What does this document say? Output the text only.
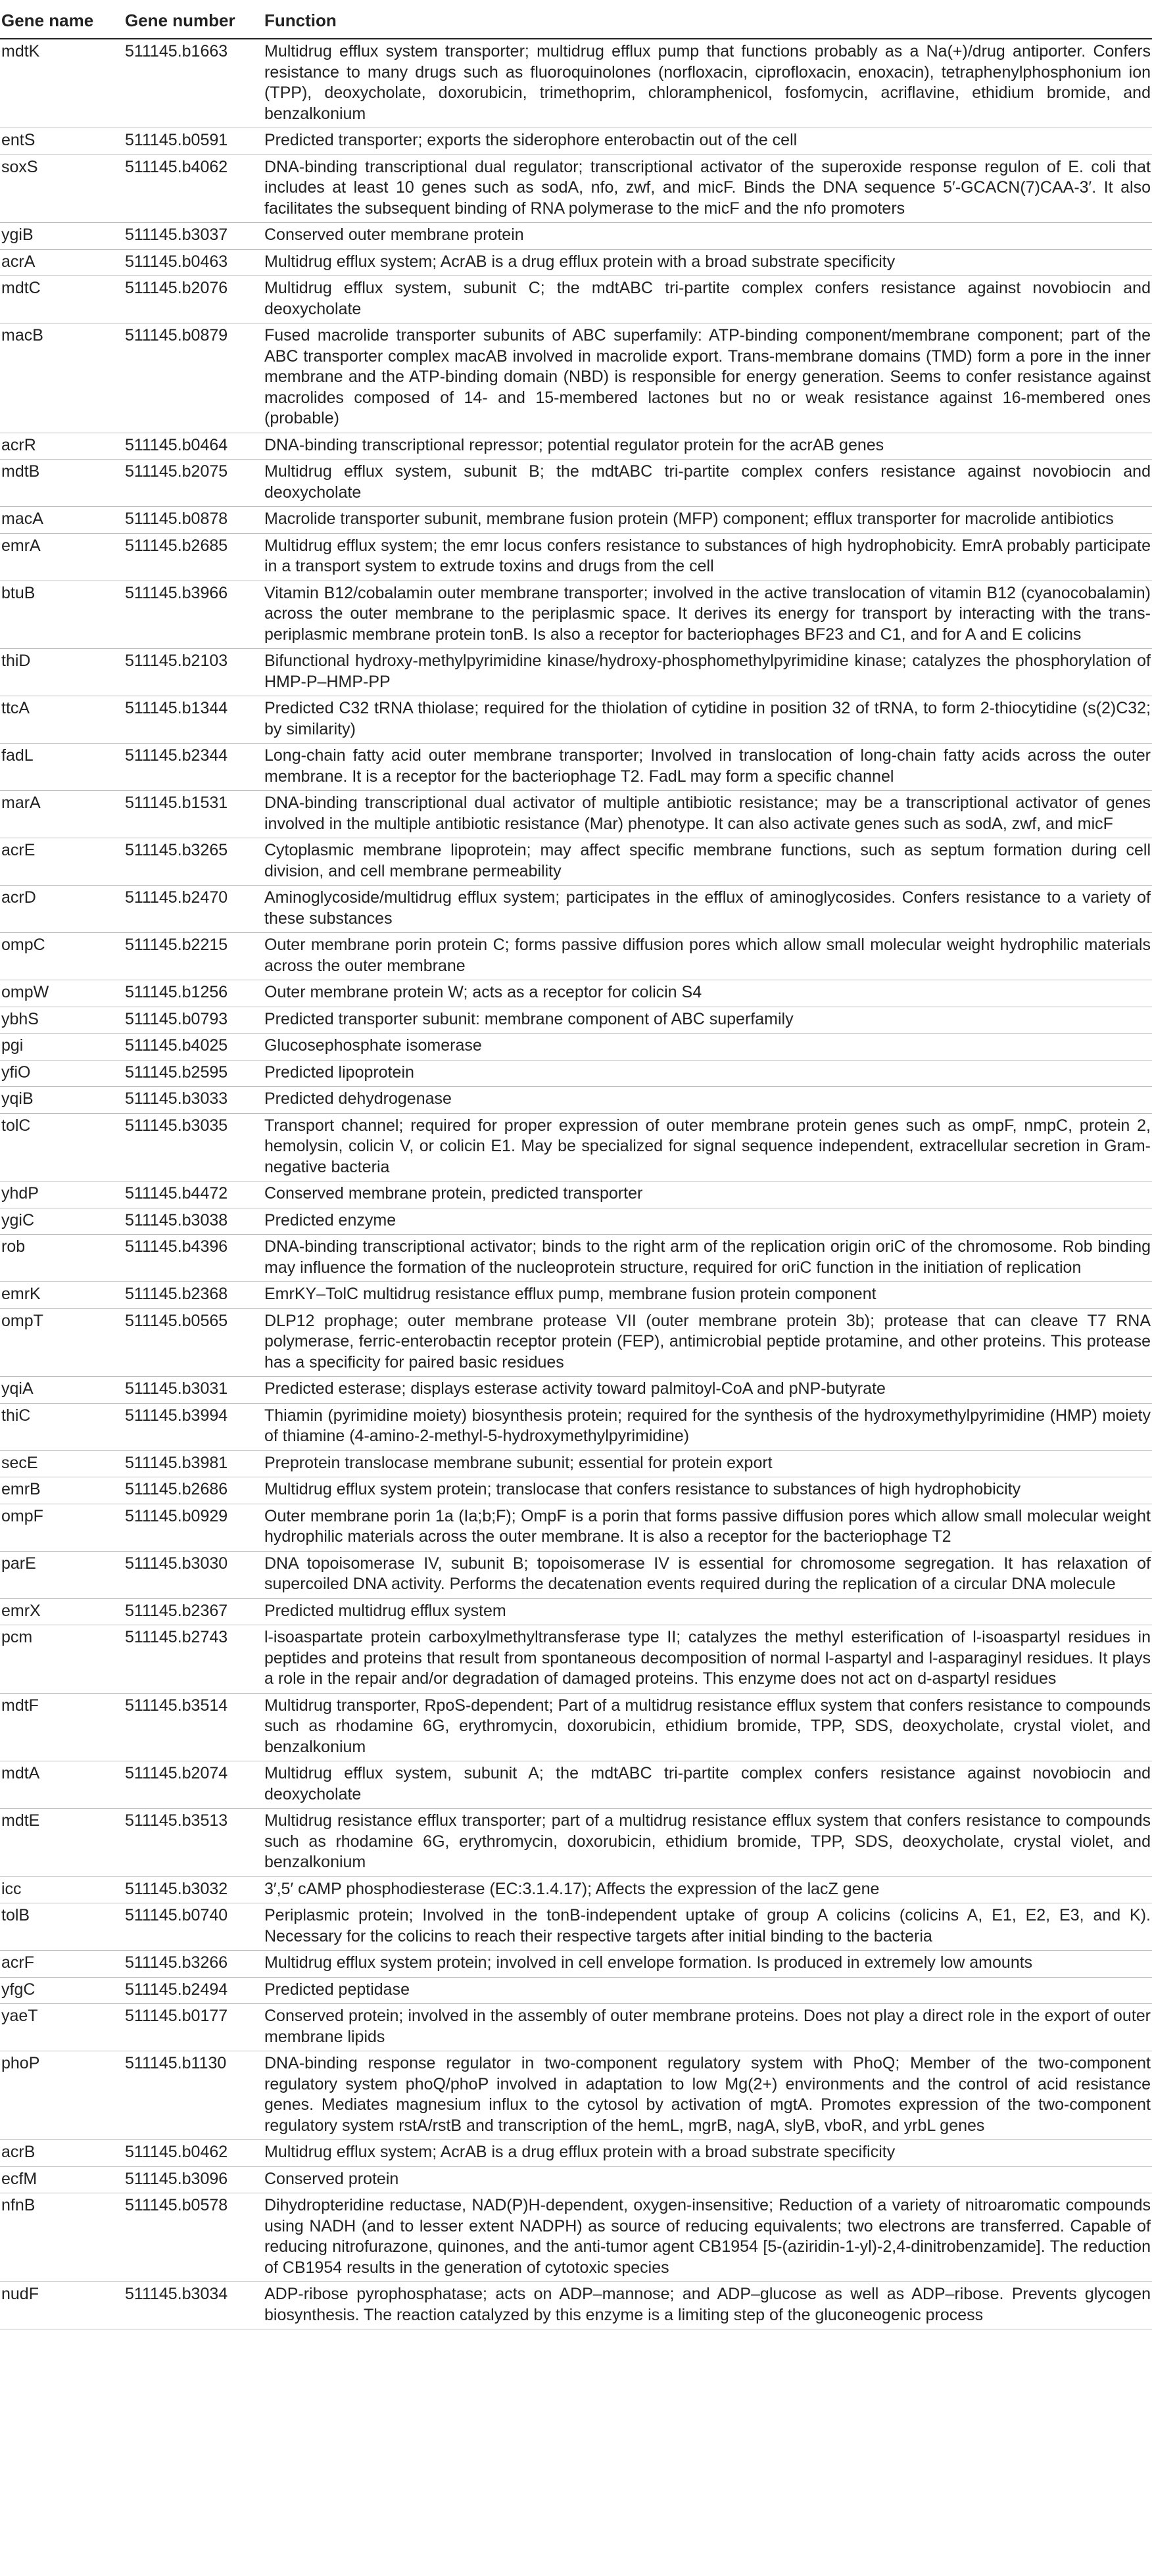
Gene name	Gene number	Function
mdtK	511145.b1663	Multidrug efflux system transporter; multidrug efflux pump that functions probably as a Na(+)/drug antiporter. Confers resistance to many drugs such as fluoroquinolones (norfloxacin, ciprofloxacin, enoxacin), tetraphenylphosphonium ion (TPP), deoxycholate, doxorubicin, trimethoprim, chloramphenicol, fosfomycin, acriflavine, ethidium bromide, and benzalkonium
entS	511145.b0591	Predicted transporter; exports the siderophore enterobactin out of the cell
soxS	511145.b4062	DNA-binding transcriptional dual regulator; transcriptional activator of the superoxide response regulon of E. coli that includes at least 10 genes such as sodA, nfo, zwf, and micF. Binds the DNA sequence 5′-GCACN(7)CAA-3′. It also facilitates the subsequent binding of RNA polymerase to the micF and the nfo promoters
ygiB	511145.b3037	Conserved outer membrane protein
acrA	511145.b0463	Multidrug efflux system; AcrAB is a drug efflux protein with a broad substrate specificity
mdtC	511145.b2076	Multidrug efflux system, subunit C; the mdtABC tri-partite complex confers resistance against novobiocin and deoxycholate
macB	511145.b0879	Fused macrolide transporter subunits of ABC superfamily: ATP-binding component/membrane component; part of the ABC transporter complex macAB involved in macrolide export. Trans-membrane domains (TMD) form a pore in the inner membrane and the ATP-binding domain (NBD) is responsible for energy generation. Seems to confer resistance against macrolides composed of 14- and 15-membered lactones but no or weak resistance against 16-membered ones (probable)
acrR	511145.b0464	DNA-binding transcriptional repressor; potential regulator protein for the acrAB genes
mdtB	511145.b2075	Multidrug efflux system, subunit B; the mdtABC tri-partite complex confers resistance against novobiocin and deoxycholate
macA	511145.b0878	Macrolide transporter subunit, membrane fusion protein (MFP) component; efflux transporter for macrolide antibiotics
emrA	511145.b2685	Multidrug efflux system; the emr locus confers resistance to substances of high hydrophobicity. EmrA probably participate in a transport system to extrude toxins and drugs from the cell
btuB	511145.b3966	Vitamin B12/cobalamin outer membrane transporter; involved in the active translocation of vitamin B12 (cyanocobalamin) across the outer membrane to the periplasmic space. It derives its energy for transport by interacting with the trans-periplasmic membrane protein tonB. Is also a receptor for bacteriophages BF23 and C1, and for A and E colicins
thiD	511145.b2103	Bifunctional hydroxy-methylpyrimidine kinase/hydroxy-phosphomethylpyrimidine kinase; catalyzes the phosphorylation of HMP-P–HMP-PP
ttcA	511145.b1344	Predicted C32 tRNA thiolase; required for the thiolation of cytidine in position 32 of tRNA, to form 2-thiocytidine (s(2)C32; by similarity)
fadL	511145.b2344	Long-chain fatty acid outer membrane transporter; Involved in translocation of long-chain fatty acids across the outer membrane. It is a receptor for the bacteriophage T2. FadL may form a specific channel
marA	511145.b1531	DNA-binding transcriptional dual activator of multiple antibiotic resistance; may be a transcriptional activator of genes involved in the multiple antibiotic resistance (Mar) phenotype. It can also activate genes such as sodA, zwf, and micF
acrE	511145.b3265	Cytoplasmic membrane lipoprotein; may affect specific membrane functions, such as septum formation during cell division, and cell membrane permeability
acrD	511145.b2470	Aminoglycoside/multidrug efflux system; participates in the efflux of aminoglycosides. Confers resistance to a variety of these substances
ompC	511145.b2215	Outer membrane porin protein C; forms passive diffusion pores which allow small molecular weight hydrophilic materials across the outer membrane
ompW	511145.b1256	Outer membrane protein W; acts as a receptor for colicin S4
ybhS	511145.b0793	Predicted transporter subunit: membrane component of ABC superfamily
pgi	511145.b4025	Glucosephosphate isomerase
yfiO	511145.b2595	Predicted lipoprotein
yqiB	511145.b3033	Predicted dehydrogenase
tolC	511145.b3035	Transport channel; required for proper expression of outer membrane protein genes such as ompF, nmpC, protein 2, hemolysin, colicin V, or colicin E1. May be specialized for signal sequence independent, extracellular secretion in Gram-negative bacteria
yhdP	511145.b4472	Conserved membrane protein, predicted transporter
ygiC	511145.b3038	Predicted enzyme
rob	511145.b4396	DNA-binding transcriptional activator; binds to the right arm of the replication origin oriC of the chromosome. Rob binding may influence the formation of the nucleoprotein structure, required for oriC function in the initiation of replication
emrK	511145.b2368	EmrKY–TolC multidrug resistance efflux pump, membrane fusion protein component
ompT	511145.b0565	DLP12 prophage; outer membrane protease VII (outer membrane protein 3b); protease that can cleave T7 RNA polymerase, ferric-enterobactin receptor protein (FEP), antimicrobial peptide protamine, and other proteins. This protease has a specificity for paired basic residues
yqiA	511145.b3031	Predicted esterase; displays esterase activity toward palmitoyl-CoA and pNP-butyrate
thiC	511145.b3994	Thiamin (pyrimidine moiety) biosynthesis protein; required for the synthesis of the hydroxymethylpyrimidine (HMP) moiety of thiamine (4-amino-2-methyl-5-hydroxymethylpyrimidine)
secE	511145.b3981	Preprotein translocase membrane subunit; essential for protein export
emrB	511145.b2686	Multidrug efflux system protein; translocase that confers resistance to substances of high hydrophobicity
ompF	511145.b0929	Outer membrane porin 1a (Ia;b;F); OmpF is a porin that forms passive diffusion pores which allow small molecular weight hydrophilic materials across the outer membrane. It is also a receptor for the bacteriophage T2
parE	511145.b3030	DNA topoisomerase IV, subunit B; topoisomerase IV is essential for chromosome segregation. It has relaxation of supercoiled DNA activity. Performs the decatenation events required during the replication of a circular DNA molecule
emrX	511145.b2367	Predicted multidrug efflux system
pcm	511145.b2743	l-isoaspartate protein carboxylmethyltransferase type II; catalyzes the methyl esterification of l-isoaspartyl residues in peptides and proteins that result from spontaneous decomposition of normal l-aspartyl and l-asparaginyl residues. It plays a role in the repair and/or degradation of damaged proteins. This enzyme does not act on d-aspartyl residues
mdtF	511145.b3514	Multidrug transporter, RpoS-dependent; Part of a multidrug resistance efflux system that confers resistance to compounds such as rhodamine 6G, erythromycin, doxorubicin, ethidium bromide, TPP, SDS, deoxycholate, crystal violet, and benzalkonium
mdtA	511145.b2074	Multidrug efflux system, subunit A; the mdtABC tri-partite complex confers resistance against novobiocin and deoxycholate
mdtE	511145.b3513	Multidrug resistance efflux transporter; part of a multidrug resistance efflux system that confers resistance to compounds such as rhodamine 6G, erythromycin, doxorubicin, ethidium bromide, TPP, SDS, deoxycholate, crystal violet, and benzalkonium
icc	511145.b3032	3′,5′ cAMP phosphodiesterase (EC:3.1.4.17); Affects the expression of the lacZ gene
tolB	511145.b0740	Periplasmic protein; Involved in the tonB-independent uptake of group A colicins (colicins A, E1, E2, E3, and K). Necessary for the colicins to reach their respective targets after initial binding to the bacteria
acrF	511145.b3266	Multidrug efflux system protein; involved in cell envelope formation. Is produced in extremely low amounts
yfgC	511145.b2494	Predicted peptidase
yaeT	511145.b0177	Conserved protein; involved in the assembly of outer membrane proteins. Does not play a direct role in the export of outer membrane lipids
phoP	511145.b1130	DNA-binding response regulator in two-component regulatory system with PhoQ; Member of the two-component regulatory system phoQ/phoP involved in adaptation to low Mg(2+) environments and the control of acid resistance genes. Mediates magnesium influx to the cytosol by activation of mgtA. Promotes expression of the two-component regulatory system rstA/rstB and transcription of the hemL, mgrB, nagA, slyB, vboR, and yrbL genes
acrB	511145.b0462	Multidrug efflux system; AcrAB is a drug efflux protein with a broad substrate specificity
ecfM	511145.b3096	Conserved protein
nfnB	511145.b0578	Dihydropteridine reductase, NAD(P)H-dependent, oxygen-insensitive; Reduction of a variety of nitroaromatic compounds using NADH (and to lesser extent NADPH) as source of reducing equivalents; two electrons are transferred. Capable of reducing nitrofurazone, quinones, and the anti-tumor agent CB1954 [5-(aziridin-1-yl)-2,4-dinitrobenzamide]. The reduction of CB1954 results in the generation of cytotoxic species
nudF	511145.b3034	ADP-ribose pyrophosphatase; acts on ADP–mannose; and ADP–glucose as well as ADP–ribose. Prevents glycogen biosynthesis. The reaction catalyzed by this enzyme is a limiting step of the gluconeogenic process
